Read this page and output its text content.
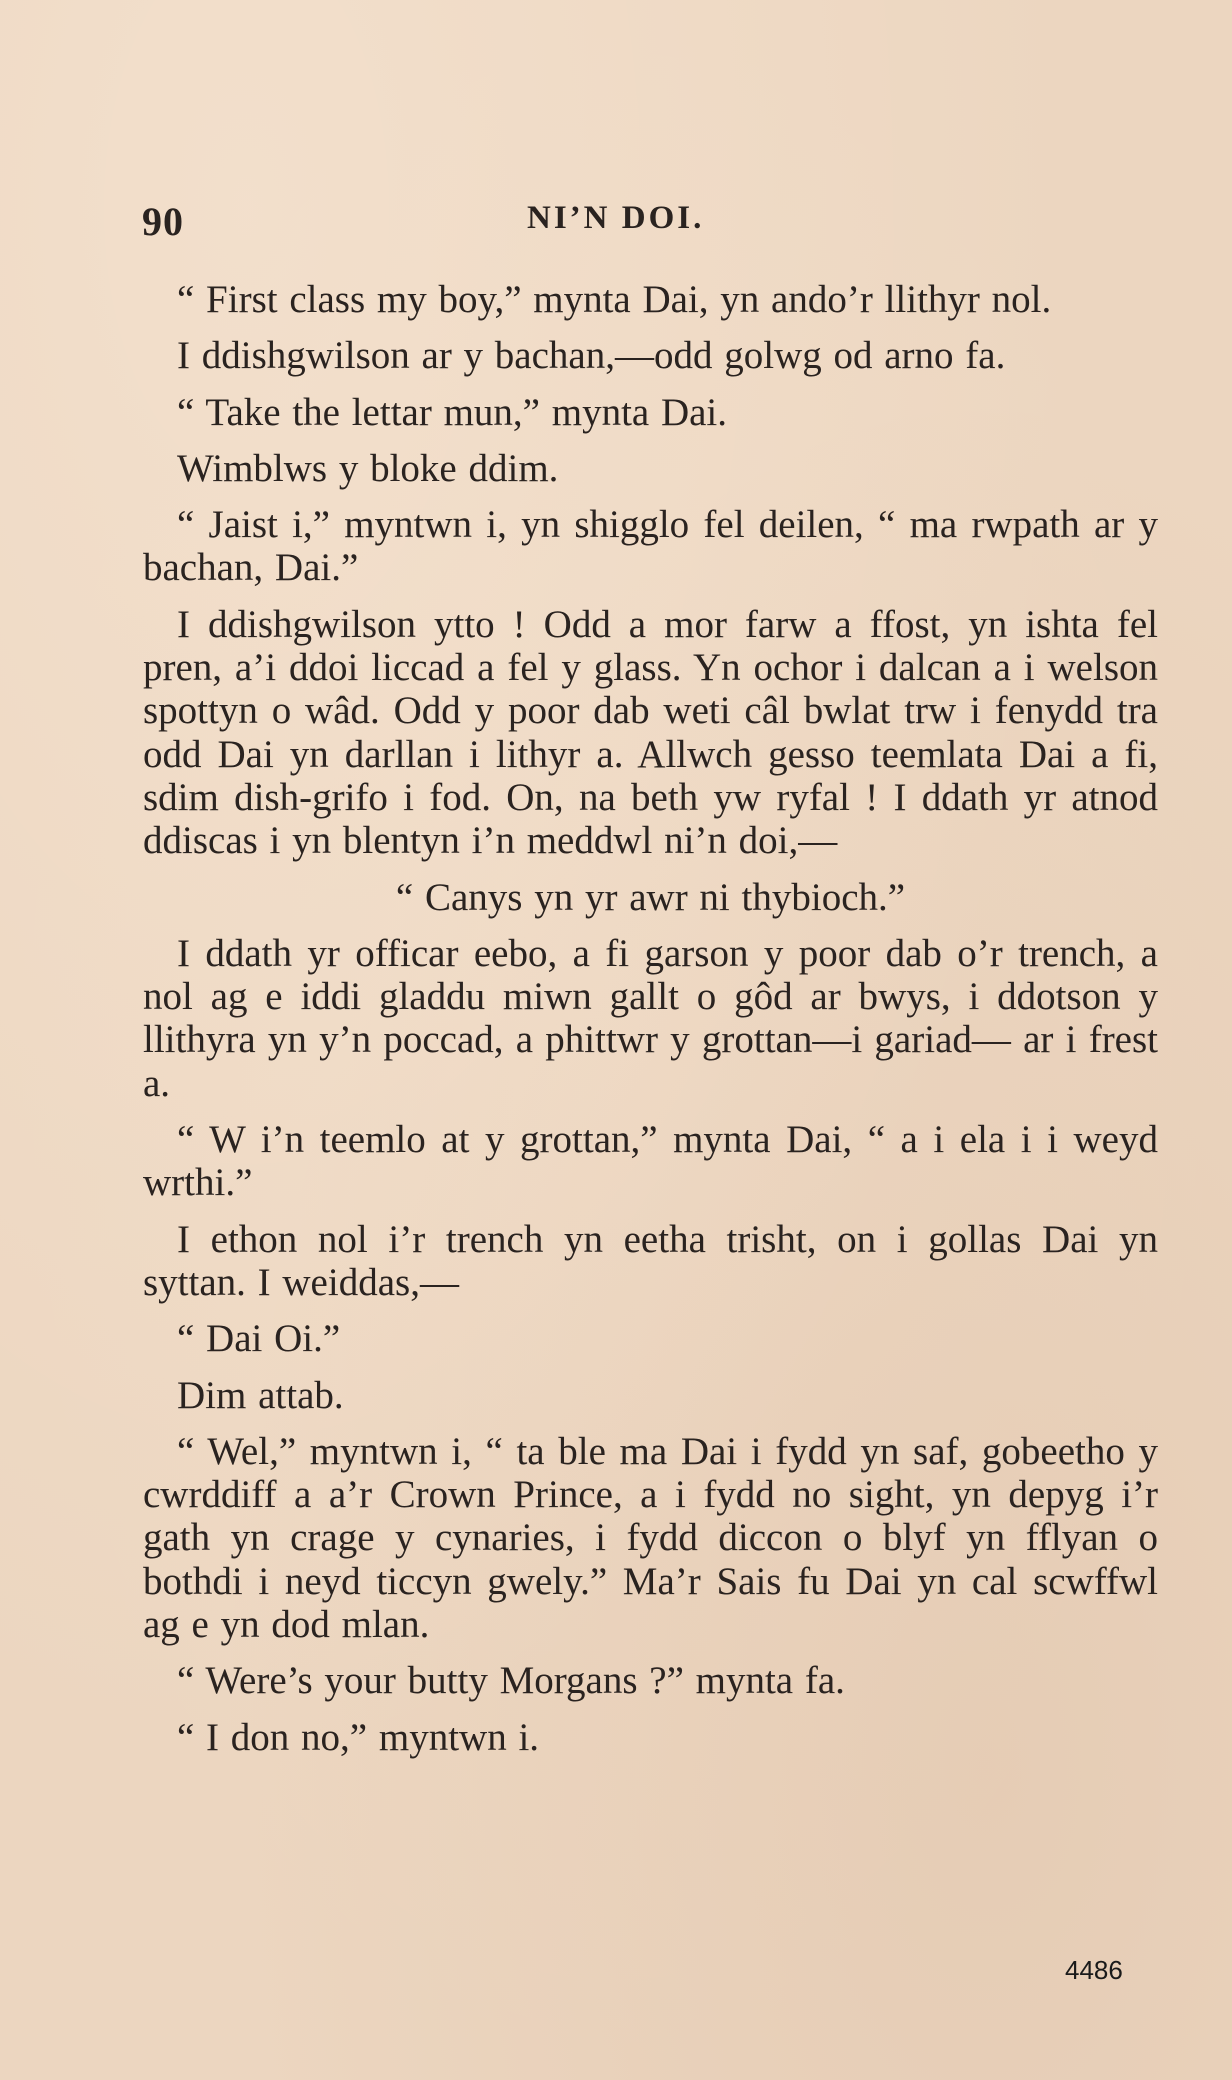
90	NI’N DOI.

“ First class my boy,” mynta Dai, yn ando’r llithyr nol.

I ddishgwilson ar y bachan,—odd golwg od arno fa.

“ Take the lettar mun,” mynta Dai.

Wimblws y bloke ddim.

“ Jaist i,” myntwn i, yn shigglo fel deilen, “ ma rwpath ar y bachan, Dai.”

I ddishgwilson ytto ! Odd a mor farw a ffost, yn ishta fel pren, a’i ddoi liccad a fel y glass. Yn ochor i dalcan a i welson spottyn o wâd. Odd y poor dab weti câl bwlat trw i fenydd tra odd Dai yn darllan i lithyr a. Allwch gesso teemlata Dai a fi, sdim dish-grifo i fod. On, na beth yw ryfal ! I ddath yr atnod ddiscas i yn blentyn i’n meddwl ni’n doi,—

“ Canys yn yr awr ni thybioch.”

I ddath yr officar eebo, a fi garson y poor dab o’r trench, a nol ag e iddi gladdu miwn gallt o gôd ar bwys, i ddotson y llithyra yn y’n poccad, a phittwr y grottan—i gariad— ar i frest a.

“ W i’n teemlo at y grottan,” mynta Dai, “ a i ela i i weyd wrthi.”

I ethon nol i’r trench yn eetha trisht, on i gollas Dai yn syttan. I weiddas,—

“ Dai Oi.”

Dim attab.

“ Wel,” myntwn i, “ ta ble ma Dai i fydd yn saf, gobeetho y cwrddiff a a’r Crown Prince, a i fydd no sight, yn depyg i’r gath yn crage y cynaries, i fydd diccon o blyf yn fflyan o bothdi i neyd ticcyn gwely.” Ma’r Sais fu Dai yn cal scwffwl ag e yn dod mlan.

“ Were’s your butty Morgans ?” mynta fa.

“ I don no,” myntwn i.

4486
